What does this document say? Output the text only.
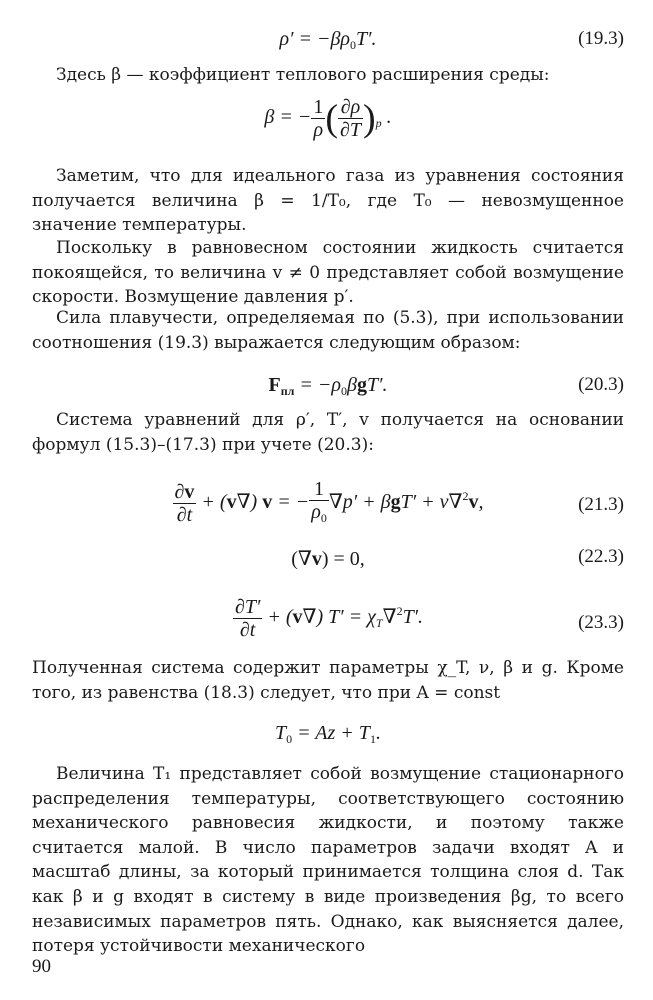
$\rho' = -\beta\rho_0T'$.	(19.3)

Здесь β — коэффициент теплового расширения среды:

β = − $\frac{1}{\rho}$ ( $\frac{\partial\rho}{\partial T} )_p$ .

Заметим, что для идеального газа из уравнения состояния получается величина β = 1/T₀, где T₀ — невозмущенное значение температуры.

Поскольку в равновесном состоянии жидкость считается покоящейся, то величина v ≠ 0 представляет собой возмущение скорости. Возмущение давления p′.

Сила плавучести, определяемая по (5.3), при использовании соотношения (19.3) выражается следующим образом:

$F_{пл} = -\rho_0\beta gT'$.	(20.3)

Система уравнений для ρ′, T′, v получается на основании формул (15.3)–(17.3) при учете (20.3):

$\frac{\partial v}{\partial t} + (v\nabla) v$ = − $\frac{1}{\rho_0} \nabla p' + \beta gT' + \nu\nabla^2v$,	(21.3)
(∇v) = 0,	(22.3)
$\frac{\partial T'}{\partial t} + (v\nabla) T' = \chi_T\nabla^2T'$.	(23.3)

Полученная система содержит параметры χ_T, ν, β и g. Кроме того, из равенства (18.3) следует, что при A = const

$T_0 = Az + T_1$.

Величина T₁ представляет собой возмущение стационарного распределения температуры, соответствующего состоянию механического равновесия жидкости, и поэтому также считается малой. В число параметров задачи входят A и масштаб длины, за который принимается толщина слоя d. Так как β и g входят в систему в виде произведения βg, то всего независимых параметров пять. Однако, как выясняется далее, потеря устойчивости механического

90
